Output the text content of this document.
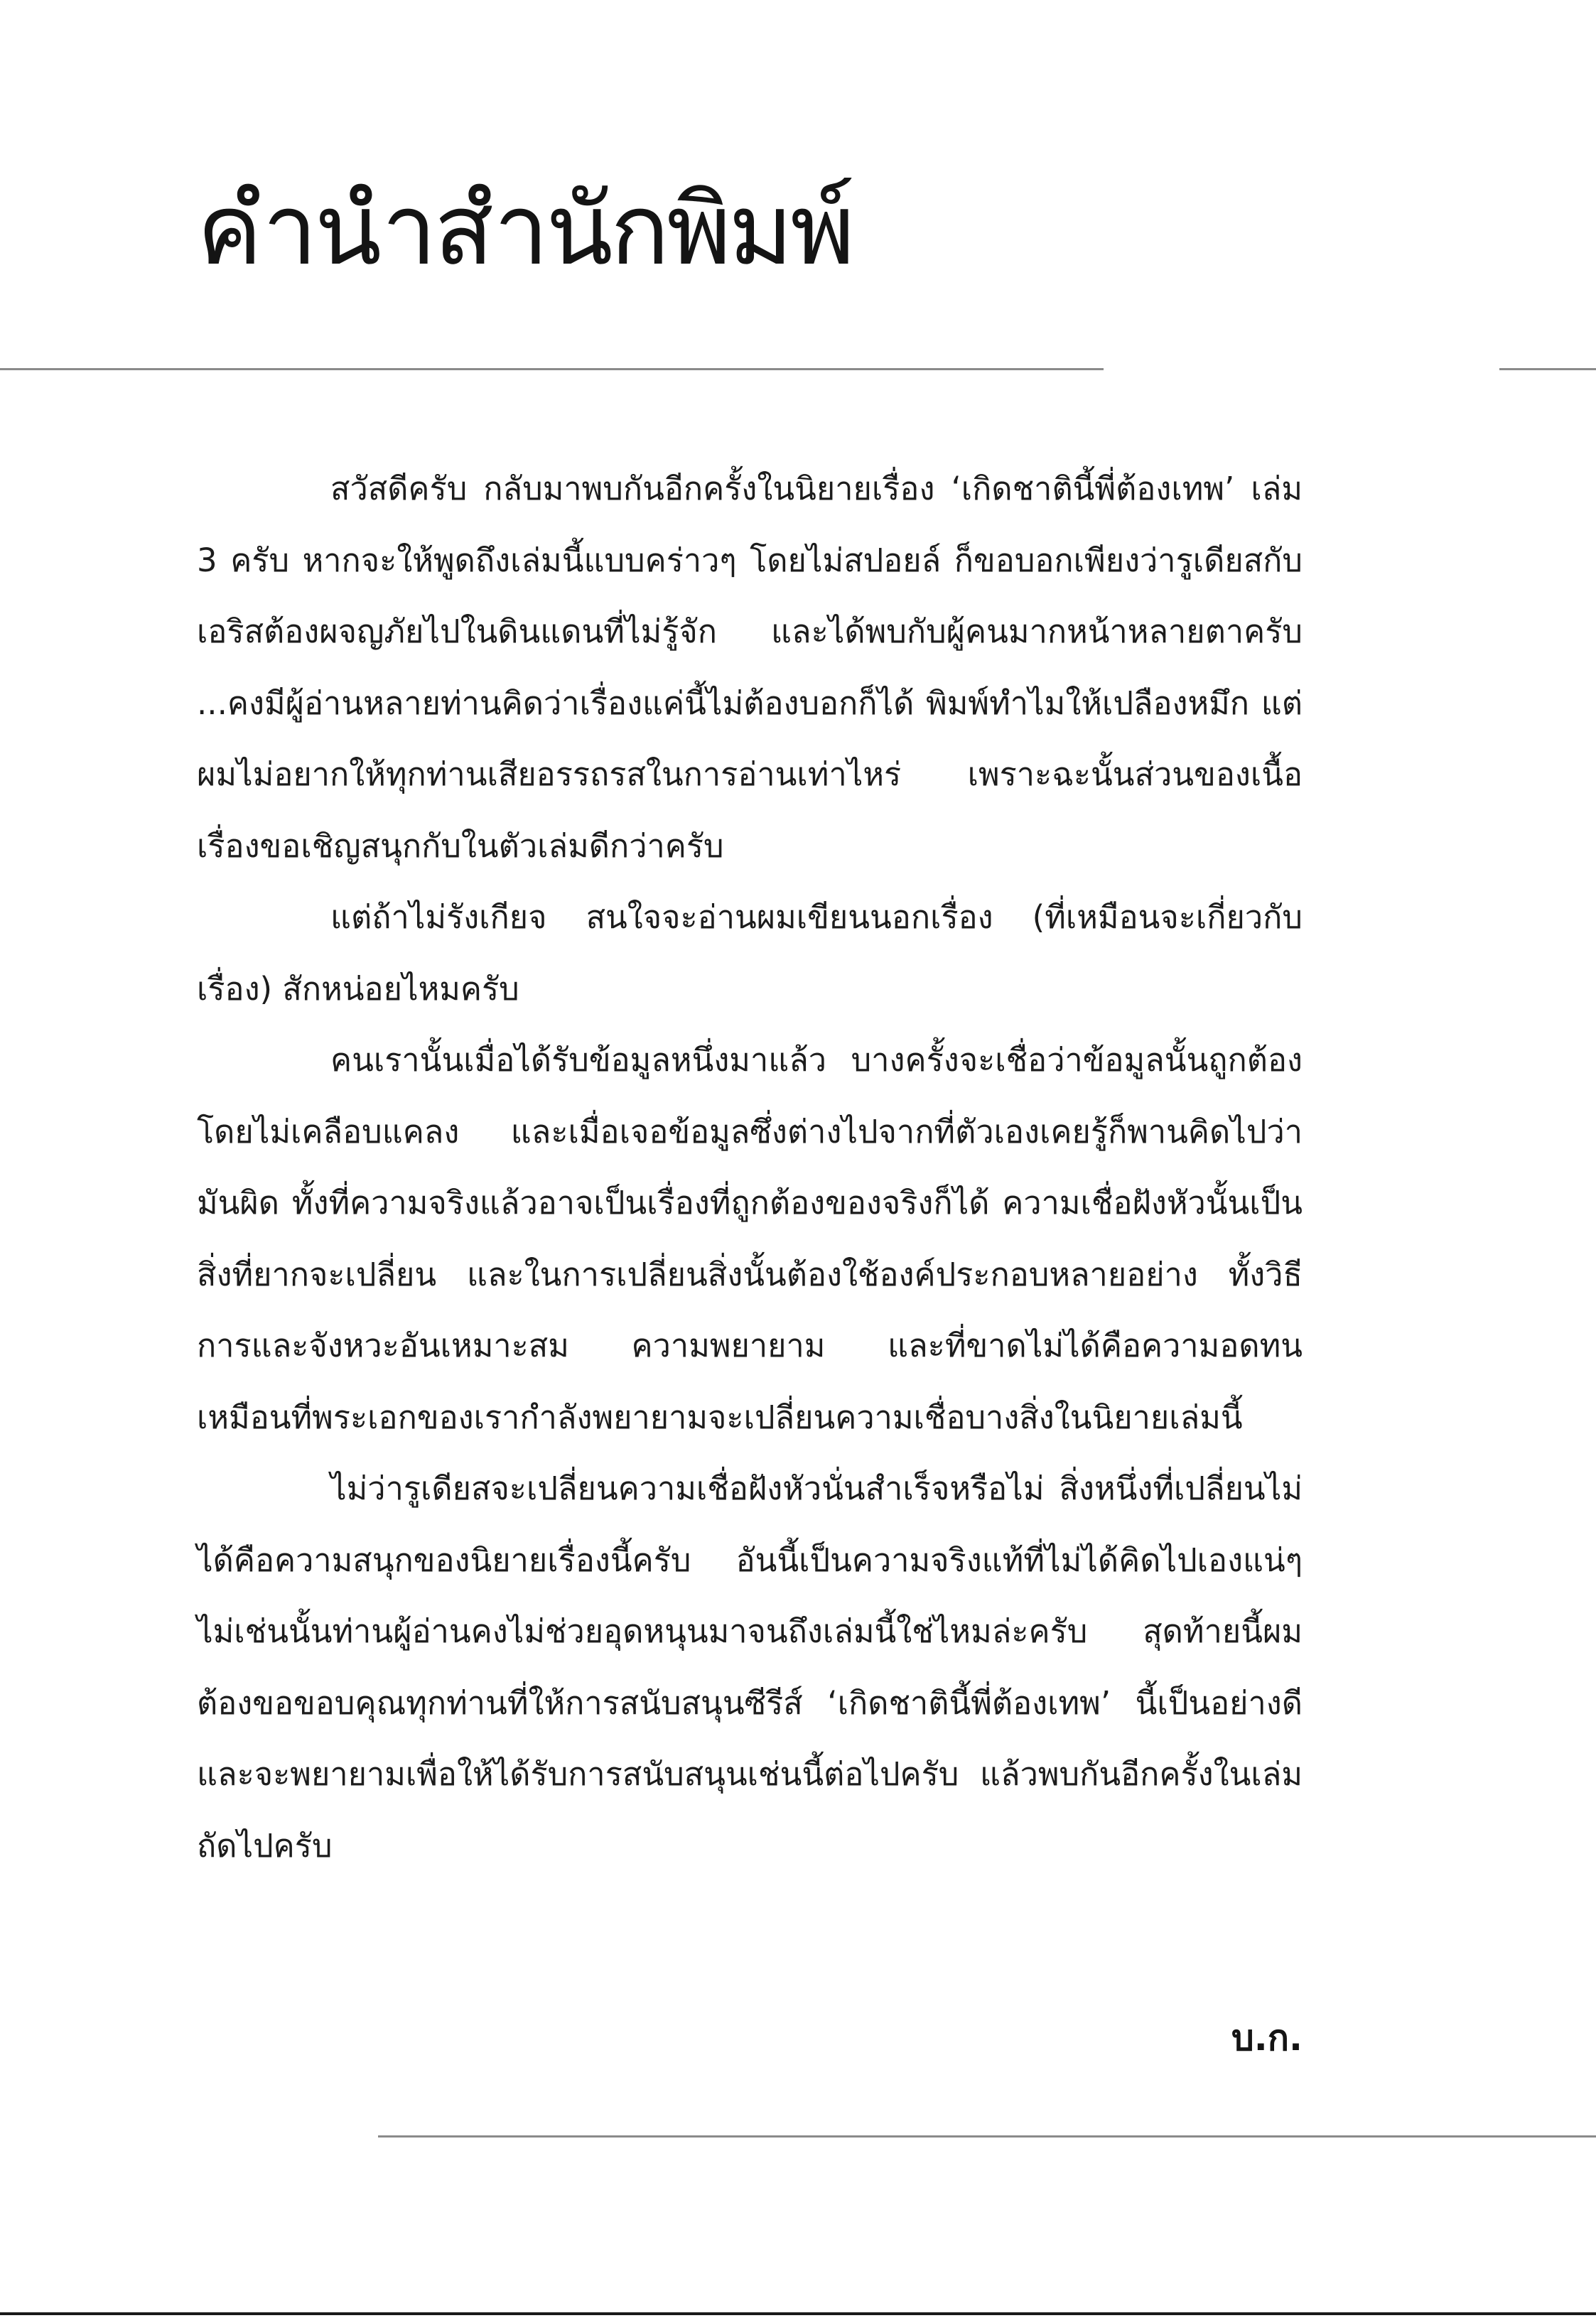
คำนำสำนักพิมพ์

สวัสดีครับ กลับมาพบกันอีกครั้งในนิยายเรื่อง ‘เกิดชาตินี้พี่ต้องเทพ’ เล่ม 3 ครับ หากจะให้พูดถึงเล่มนี้แบบคร่าวๆ โดยไม่สปอยล์ ก็ขอบอกเพียงว่ารูเดียสกับเอริสต้องผจญภัยไปในดินแดนที่ไม่รู้จัก และได้พบกับผู้คนมากหน้าหลายตาครับ ...คงมีผู้อ่านหลายท่านคิดว่าเรื่องแค่นี้ไม่ต้องบอกก็ได้ พิมพ์ทำไมให้เปลืองหมึก แต่ผมไม่อยากให้ทุกท่านเสียอรรถรสในการอ่านเท่าไหร่ เพราะฉะนั้นส่วนของเนื้อเรื่องขอเชิญสนุกกับในตัวเล่มดีกว่าครับ

แต่ถ้าไม่รังเกียจ สนใจจะอ่านผมเขียนนอกเรื่อง (ที่เหมือนจะเกี่ยวกับเรื่อง) สักหน่อยไหมครับ

คนเรานั้นเมื่อได้รับข้อมูลหนึ่งมาแล้ว บางครั้งจะเชื่อว่าข้อมูลนั้นถูกต้องโดยไม่เคลือบแคลง และเมื่อเจอข้อมูลซึ่งต่างไปจากที่ตัวเองเคยรู้ก็พานคิดไปว่ามันผิด ทั้งที่ความจริงแล้วอาจเป็นเรื่องที่ถูกต้องของจริงก็ได้ ความเชื่อฝังหัวนั้นเป็นสิ่งที่ยากจะเปลี่ยน และในการเปลี่ยนสิ่งนั้นต้องใช้องค์ประกอบหลายอย่าง ทั้งวิธีการและจังหวะอันเหมาะสม ความพยายาม และที่ขาดไม่ได้คือความอดทน เหมือนที่พระเอกของเรากำลังพยายามจะเปลี่ยนความเชื่อบางสิ่งในนิยายเล่มนี้

ไม่ว่ารูเดียสจะเปลี่ยนความเชื่อฝังหัวนั่นสำเร็จหรือไม่ สิ่งหนึ่งที่เปลี่ยนไม่ได้คือความสนุกของนิยายเรื่องนี้ครับ อันนี้เป็นความจริงแท้ที่ไม่ได้คิดไปเองแน่ๆ ไม่เช่นนั้นท่านผู้อ่านคงไม่ช่วยอุดหนุนมาจนถึงเล่มนี้ใช่ไหมล่ะครับ สุดท้ายนี้ผมต้องขอขอบคุณทุกท่านที่ให้การสนับสนุนซีรีส์ ‘เกิดชาตินี้พี่ต้องเทพ’ นี้เป็นอย่างดี และจะพยายามเพื่อให้ได้รับการสนับสนุนเช่นนี้ต่อไปครับ แล้วพบกันอีกครั้งในเล่มถัดไปครับ

บ.ก.
